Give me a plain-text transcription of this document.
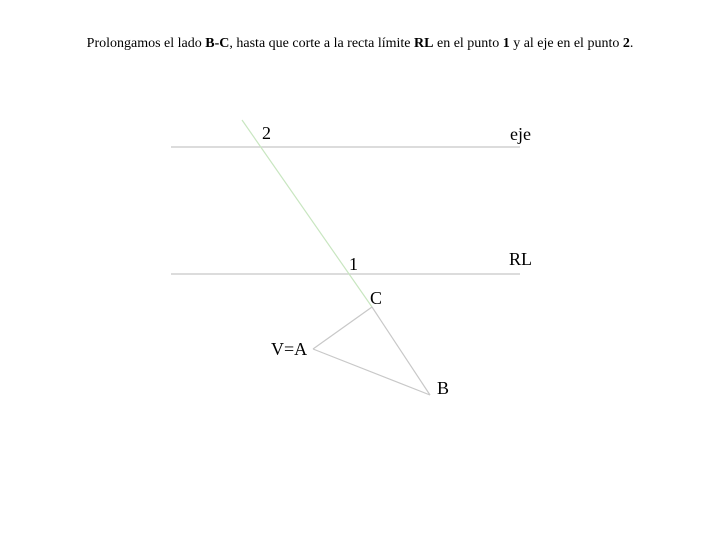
Prolongamos el lado B-C, hasta que corte a la recta límite RL en el punto 1 y al eje en el punto 2.
2	eje
1	RL
C
V=A
B
